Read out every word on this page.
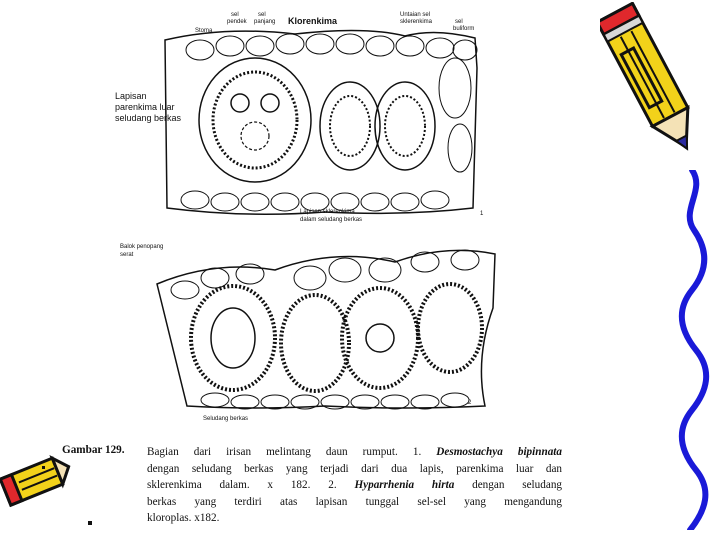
Stoma
sel
pendek
sel
panjang Klorenkima
Untaian sel
sklerenkima	sel
buliform
Lapisan
parenkima luar
seludang berkas
Lapisan sklerenkima
dalam seludang berkas
1
Balok penopang
serat
Seludang berkas
2
Gambar 129. Bagian dari irisan melintang daun rumput. 1. Desmostachya bipinnata
dengan seludang berkas yang terjadi dari dua lapis, parenkima luar dan
sklerenkima dalam. x 182. 2. Hyparrhenia hirta dengan seludang
berkas yang terdiri atas lapisan tunggal sel-sel yang mengandung
kloroplas. x182.
